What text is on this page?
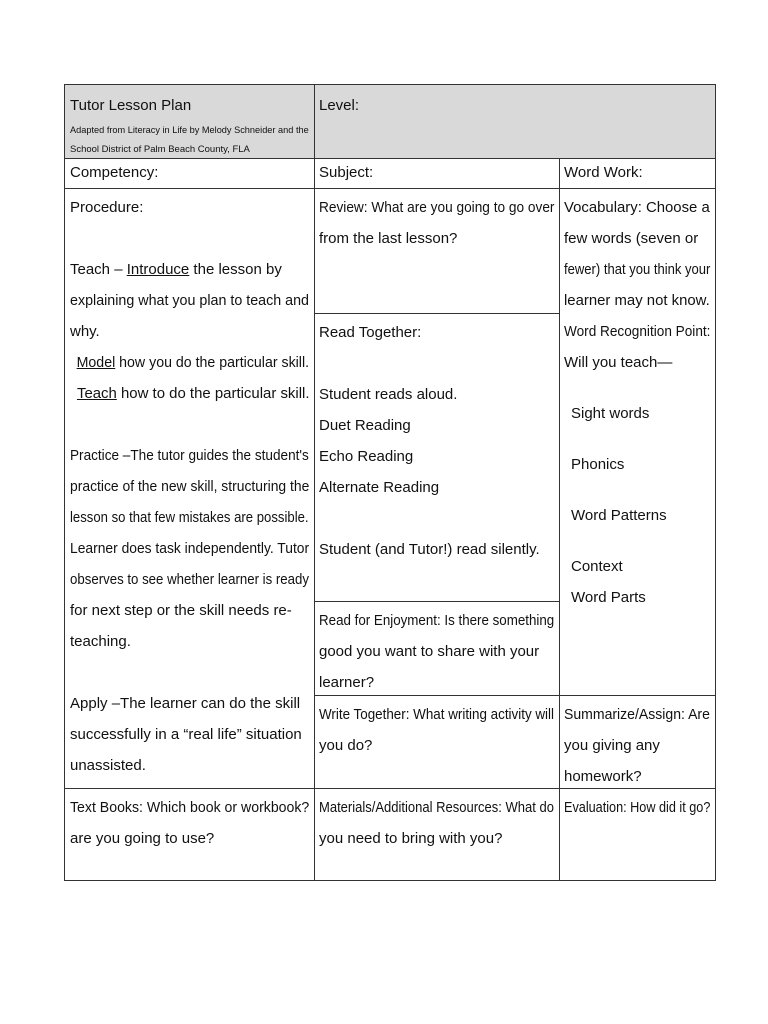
Tutor Lesson Plan
Adapted from Literacy in Life by Melody Schneider and the
School District of Palm Beach County, FLA
Level:
Competency:	Subject:	Word Work:
Procedure:
Teach – Introduce the lesson by
explaining what you plan to teach and
why.
Model how you do the particular skill.
Teach how to do the particular skill.
Practice –The tutor guides the student's
practice of the new skill, structuring the
lesson so that few mistakes are possible.
Learner does task independently. Tutor
observes to see whether learner is ready
for next step or the skill needs re-
teaching.
Apply –The learner can do the skill
successfully in a “real life” situation
unassisted.
Review: What are you going to go over
from the last lesson?
Read Together:
Student reads aloud.
Duet Reading
Echo Reading
Alternate Reading
Student (and Tutor!) read silently.
Read for Enjoyment: Is there something
good you want to share with your
learner?
Write Together: What writing activity will
you do?
Vocabulary: Choose a
few words (seven or
fewer) that you think your
learner may not know.
Word Recognition Point:
Will you teach—
Sight words
Phonics
Word Patterns
Context
Word Parts
Summarize/Assign: Are
you giving any
homework?
Text Books: Which book or workbook?
are you going to use?
Materials/Additional Resources: What do
you need to bring with you?
Evaluation: How did it go?
